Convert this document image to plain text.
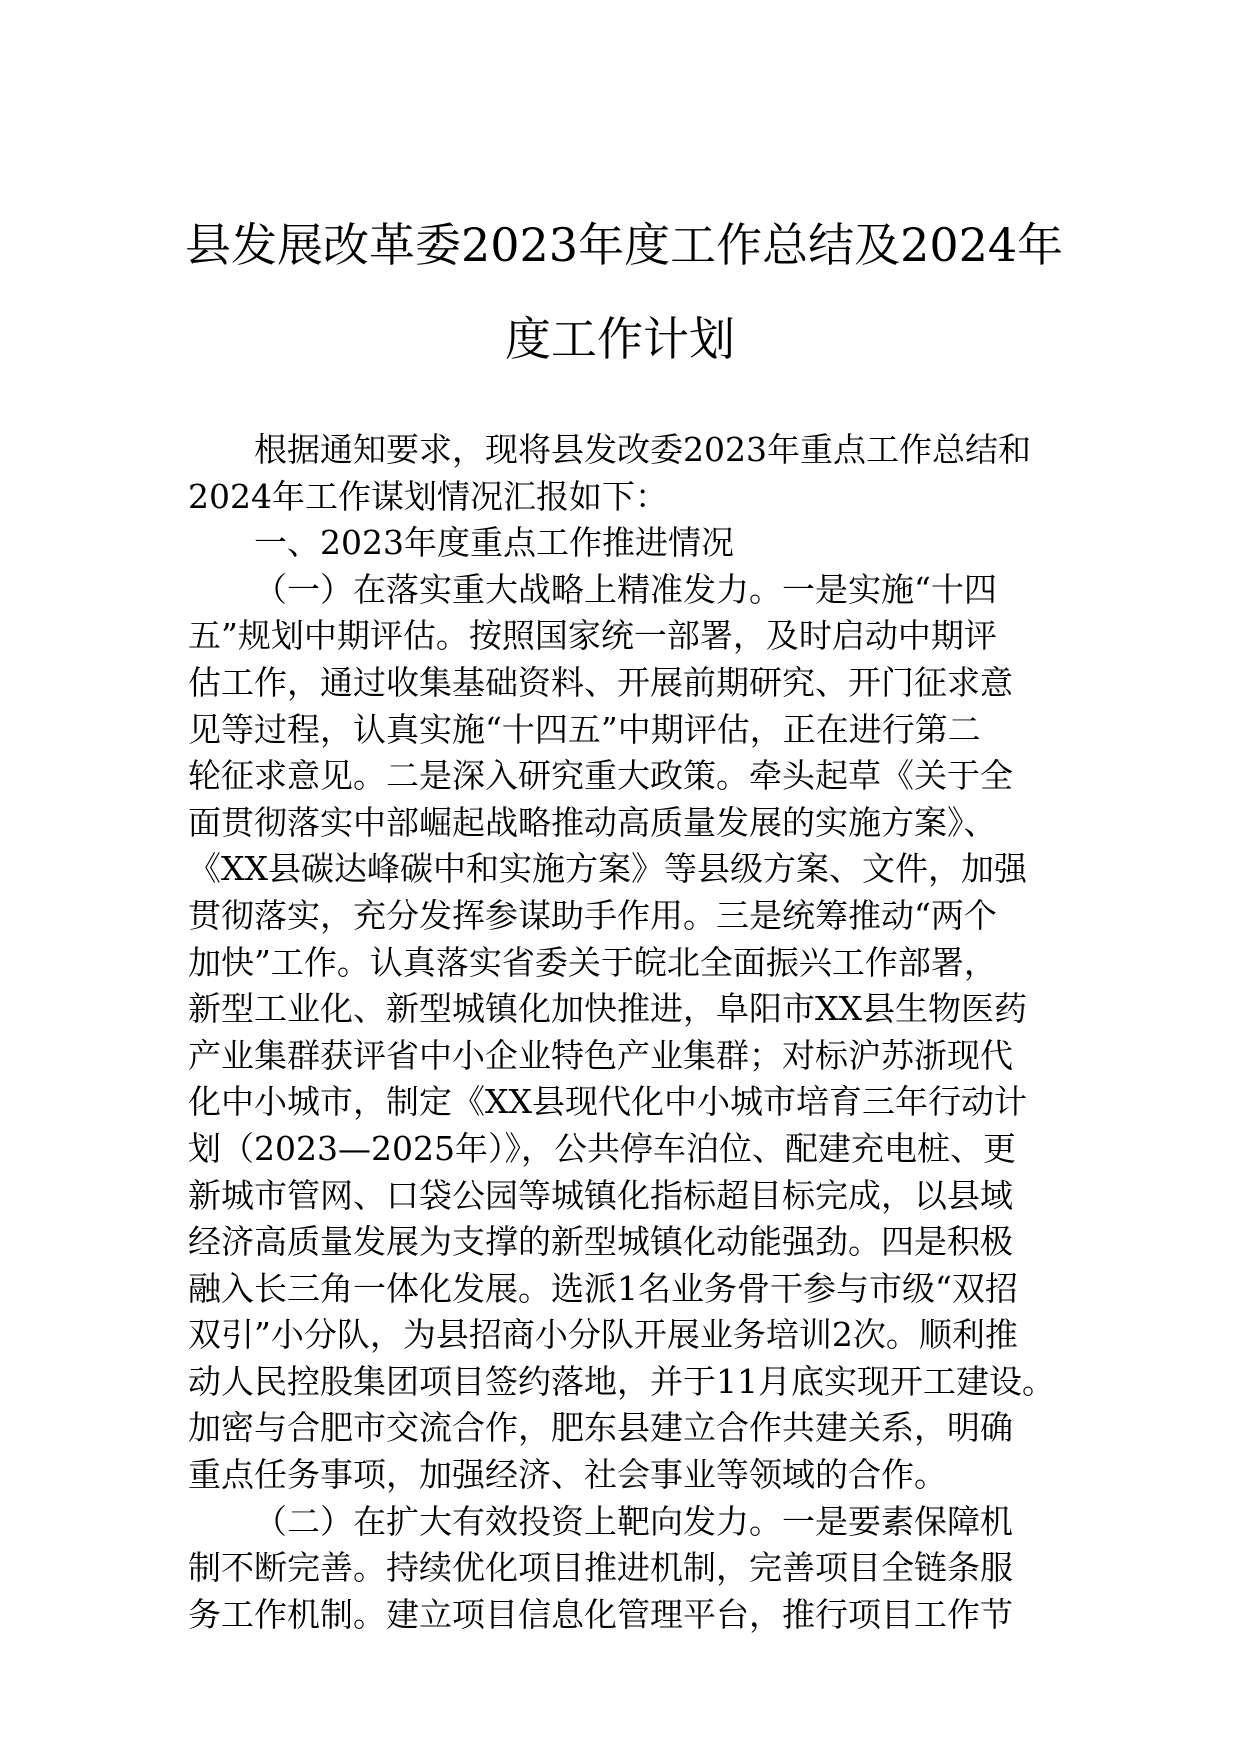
县发展改革委2023年度工作总结及2024年
度工作计划
根据通知要求，现将县发改委2023年重点工作总结和
2024年工作谋划情况汇报如下：
一、2023年度重点工作推进情况
（一）在落实重大战略上精准发力。一是实施“十四
五”规划中期评估。按照国家统一部署，及时启动中期评
估工作，通过收集基础资料、开展前期研究、开门征求意
见等过程，认真实施“十四五”中期评估，正在进行第二
轮征求意见。二是深入研究重大政策。牵头起草《关于全
面贯彻落实中部崛起战略推动高质量发展的实施方案》、
《XX县碳达峰碳中和实施方案》等县级方案、文件，加强
贯彻落实，充分发挥参谋助手作用。三是统筹推动“两个
加快”工作。认真落实省委关于皖北全面振兴工作部署，
新型工业化、新型城镇化加快推进，阜阳市XX县生物医药
产业集群获评省中小企业特色产业集群；对标沪苏浙现代
化中小城市，制定《XX县现代化中小城市培育三年行动计
划（2023—2025年）》，公共停车泊位、配建充电桩、更
新城市管网、口袋公园等城镇化指标超目标完成，以县域
经济高质量发展为支撑的新型城镇化动能强劲。四是积极
融入长三角一体化发展。选派1名业务骨干参与市级“双招
双引”小分队，为县招商小分队开展业务培训2次。顺利推
动人民控股集团项目签约落地，并于11月底实现开工建设。
加密与合肥市交流合作，肥东县建立合作共建关系，明确
重点任务事项，加强经济、社会事业等领域的合作。
（二）在扩大有效投资上靶向发力。一是要素保障机
制不断完善。持续优化项目推进机制，完善项目全链条服
务工作机制。建立项目信息化管理平台，推行项目工作节
